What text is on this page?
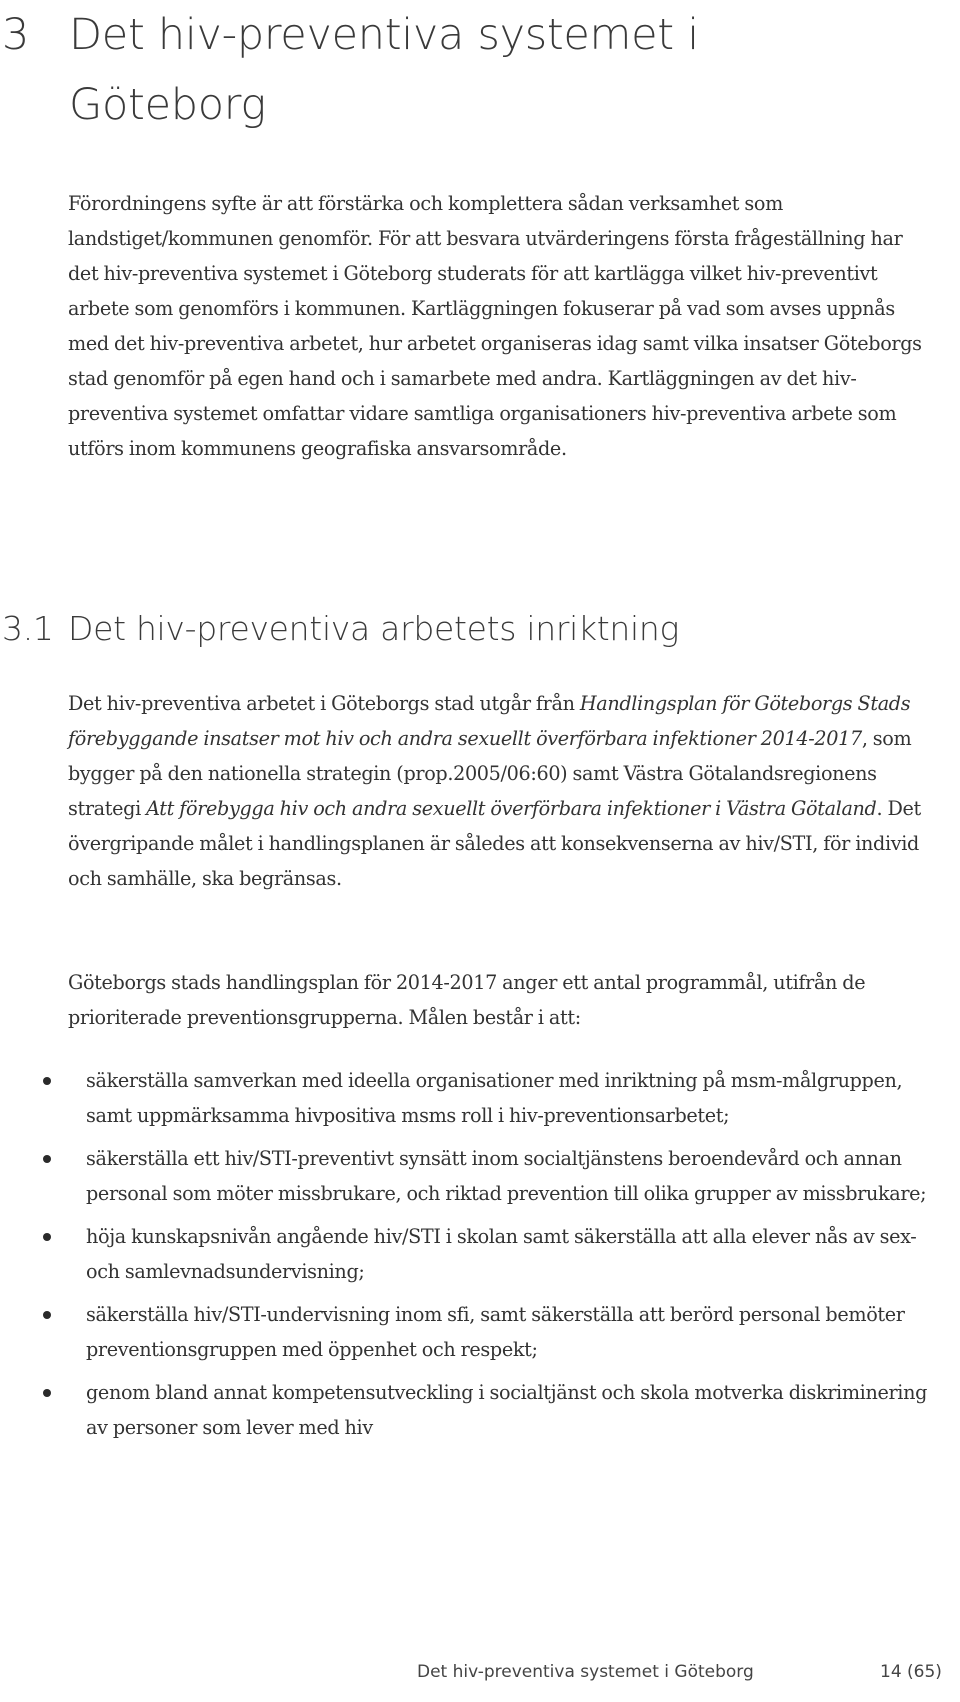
3 Det hiv-preventiva systemet i Göteborg

Förordningens syfte är att förstärka och komplettera sådan verksamhet som landstiget/kommunen genomför. För att besvara utvärderingens första frågeställning har det hiv-preventiva systemet i Göteborg studerats för att kartlägga vilket hiv-preventivt arbete som genomförs i kommunen. Kartläggningen fokuserar på vad som avses uppnås med det hiv-preventiva arbetet, hur arbetet organiseras idag samt vilka insatser Göteborgs stad genomför på egen hand och i samarbete med andra. Kartläggningen av det hiv-preventiva systemet omfattar vidare samtliga organisationers hiv-preventiva arbete som utförs inom kommunens geografiska ansvarsområde.

3.1 Det hiv-preventiva arbetets inriktning

Det hiv-preventiva arbetet i Göteborgs stad utgår från Handlingsplan för Göteborgs Stads förebyggande insatser mot hiv och andra sexuellt överförbara infektioner 2014-2017, som bygger på den nationella strategin (prop.2005/06:60) samt Västra Götalandsregionens strategi Att förebygga hiv och andra sexuellt överförbara infektioner i Västra Götaland. Det övergripande målet i handlingsplanen är således att konsekvenserna av hiv/STI, för individ och samhälle, ska begränsas.

Göteborgs stads handlingsplan för 2014-2017 anger ett antal programmål, utifrån de prioriterade preventionsgrupperna. Målen består i att:

säkerställa samverkan med ideella organisationer med inriktning på msm-målgruppen, samt uppmärksamma hivpositiva msms roll i hiv-preventionsarbetet;
säkerställa ett hiv/STI-preventivt synsätt inom socialtjänstens beroendevård och annan personal som möter missbrukare, och riktad prevention till olika grupper av missbrukare;
höja kunskapsnivån angående hiv/STI i skolan samt säkerställa att alla elever nås av sex- och samlevnadsundervisning;
säkerställa hiv/STI-undervisning inom sfi, samt säkerställa att berörd personal bemöter preventionsgruppen med öppenhet och respekt;
genom bland annat kompetensutveckling i socialtjänst och skola motverka diskriminering av personer som lever med hiv
Det hiv-preventiva systemet i Göteborg	14 (65)
